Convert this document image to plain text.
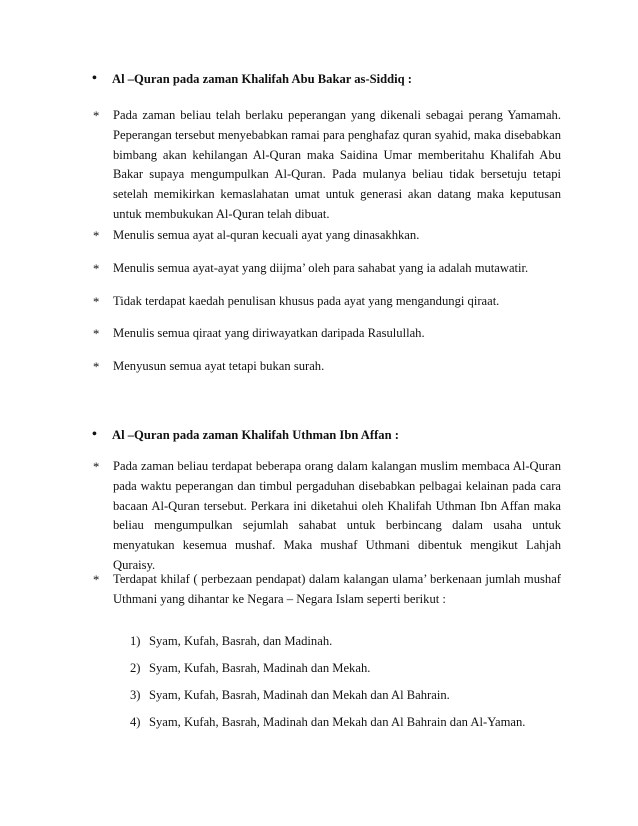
• Al –Quran pada zaman Khalifah Abu Bakar as-Siddiq :
* Pada zaman beliau telah berlaku peperangan yang dikenali sebagai perang Yamamah. Peperangan tersebut menyebabkan ramai para penghafaz quran syahid, maka disebabkan bimbang akan kehilangan Al-Quran maka Saidina Umar memberitahu Khalifah Abu Bakar supaya mengumpulkan Al-Quran. Pada mulanya beliau tidak bersetuju tetapi setelah memikirkan kemaslahatan umat untuk generasi akan datang maka keputusan untuk membukukan Al-Quran telah dibuat.
* Menulis semua ayat al-quran kecuali ayat yang dinasakhkan.
* Menulis semua ayat-ayat yang diijma’ oleh para sahabat yang ia adalah mutawatir.
* Tidak terdapat kaedah penulisan khusus pada ayat yang mengandungi qiraat.
* Menulis semua qiraat yang diriwayatkan daripada Rasulullah.
* Menyusun semua ayat tetapi bukan surah.
• Al –Quran pada zaman Khalifah Uthman Ibn Affan :
* Pada zaman beliau terdapat beberapa orang dalam kalangan muslim membaca Al-Quran pada waktu peperangan dan timbul pergaduhan disebabkan pelbagai kelainan pada cara bacaan Al-Quran tersebut. Perkara ini diketahui oleh Khalifah Uthman Ibn Affan maka beliau mengumpulkan sejumlah sahabat untuk berbincang dalam usaha untuk menyatukan kesemua mushaf. Maka mushaf Uthmani dibentuk mengikut Lahjah Quraisy.
* Terdapat khilaf ( perbezaan pendapat) dalam kalangan ulama’ berkenaan jumlah mushaf Uthmani yang dihantar ke Negara – Negara Islam seperti berikut :
1) Syam, Kufah, Basrah, dan Madinah.
2) Syam, Kufah, Basrah, Madinah dan Mekah.
3) Syam, Kufah, Basrah, Madinah dan Mekah dan Al Bahrain.
4) Syam, Kufah, Basrah, Madinah dan Mekah dan Al Bahrain dan Al-Yaman.
